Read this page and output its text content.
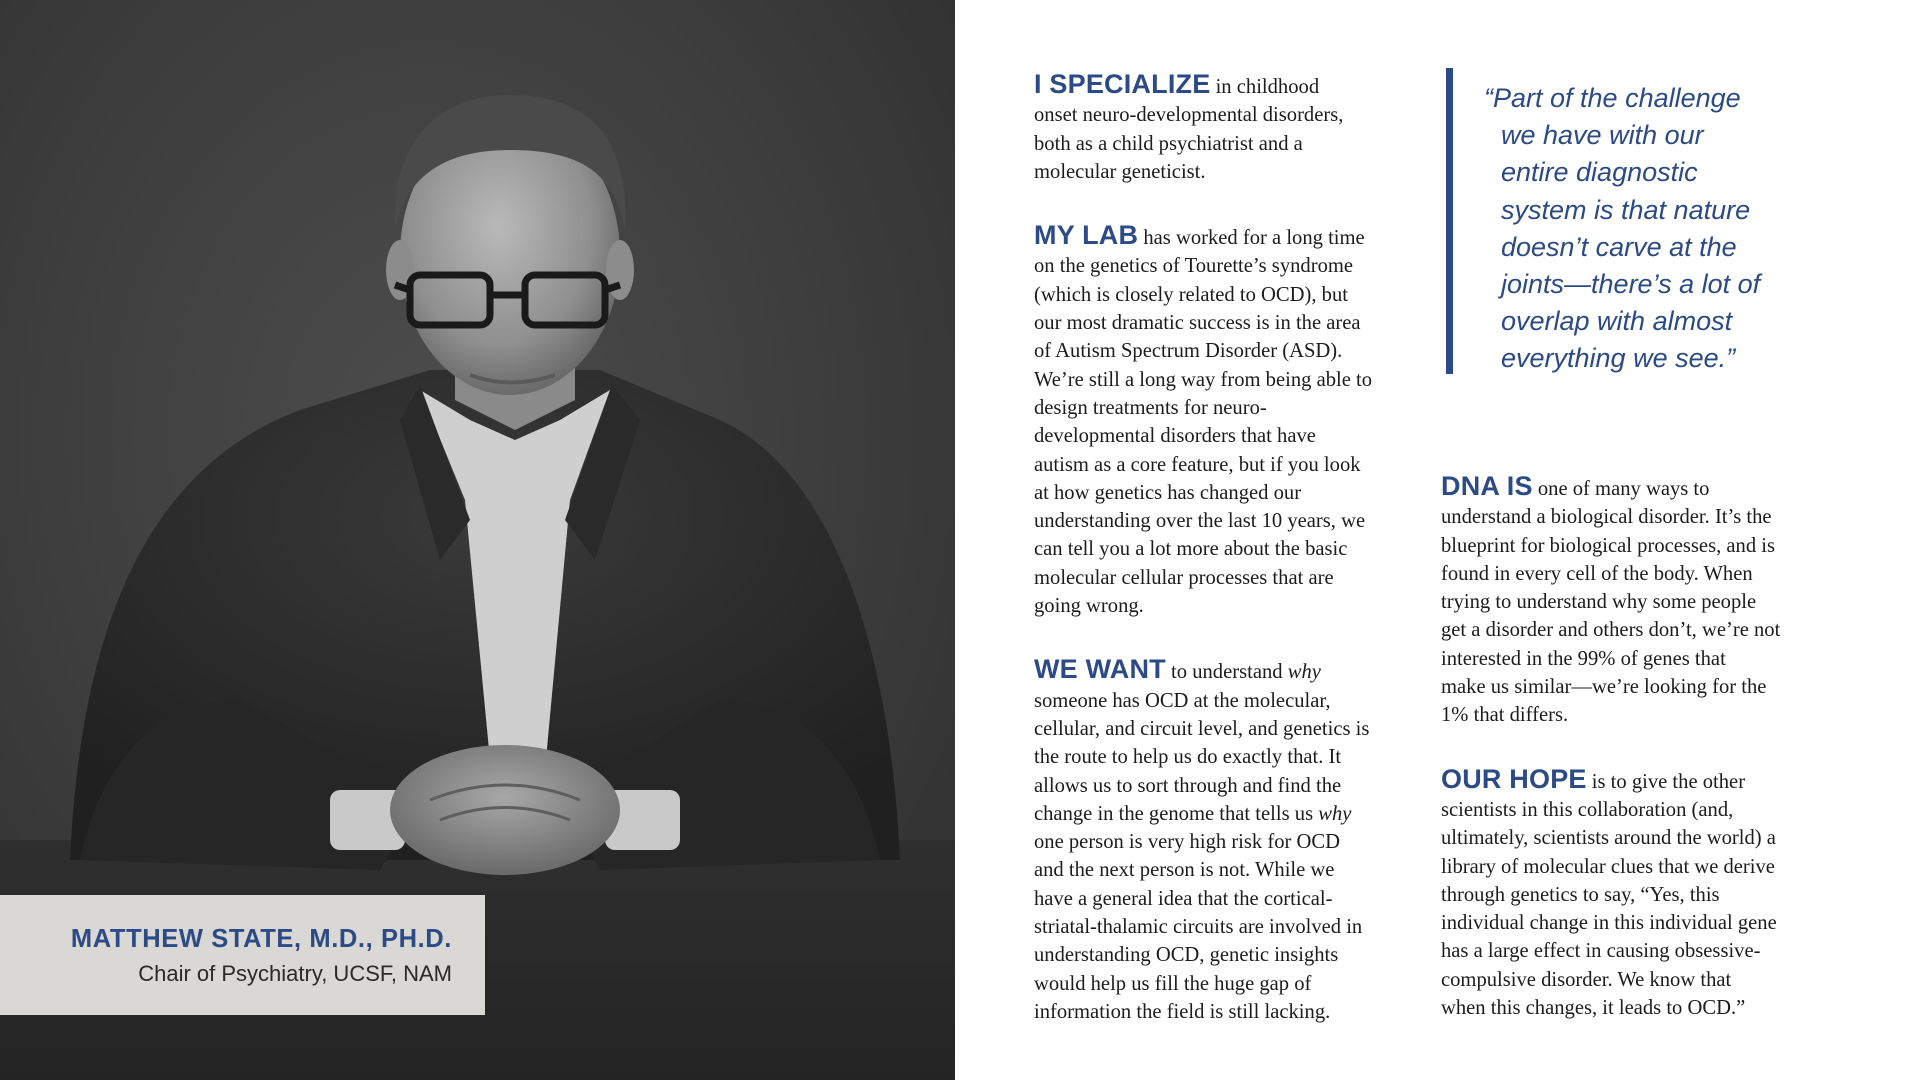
MATTHEW STATE, M.D., PH.D.
Chair of Psychiatry, UCSF, NAM

I SPECIALIZE in childhood
onset neuro-developmental disorders,
both as a child psychiatrist and a
molecular geneticist.

MY LAB has worked for a long time
on the genetics of Tourette’s syndrome
(which is closely related to OCD), but
our most dramatic success is in the area
of Autism Spectrum Disorder (ASD).
We’re still a long way from being able to
design treatments for neuro-
developmental disorders that have
autism as a core feature, but if you look
at how genetics has changed our
understanding over the last 10 years, we
can tell you a lot more about the basic
molecular cellular processes that are
going wrong.

WE WANT to understand why
someone has OCD at the molecular,
cellular, and circuit level, and genetics is
the route to help us do exactly that. It
allows us to sort through and find the
change in the genome that tells us why
one person is very high risk for OCD
and the next person is not. While we
have a general idea that the cortical-
striatal-thalamic circuits are involved in
understanding OCD, genetic insights
would help us fill the huge gap of
information the field is still lacking.

“Part of the challenge
we have with our
entire diagnostic
system is that nature
doesn’t carve at the
joints—there’s a lot of
overlap with almost
everything we see.”

DNA IS one of many ways to
understand a biological disorder. It’s the
blueprint for biological processes, and is
found in every cell of the body. When
trying to understand why some people
get a disorder and others don’t, we’re not
interested in the 99% of genes that
make us similar—we’re looking for the
1% that differs.

OUR HOPE is to give the other
scientists in this collaboration (and,
ultimately, scientists around the world) a
library of molecular clues that we derive
through genetics to say, “Yes, this
individual change in this individual gene
has a large effect in causing obsessive-
compulsive disorder. We know that
when this changes, it leads to OCD.”
